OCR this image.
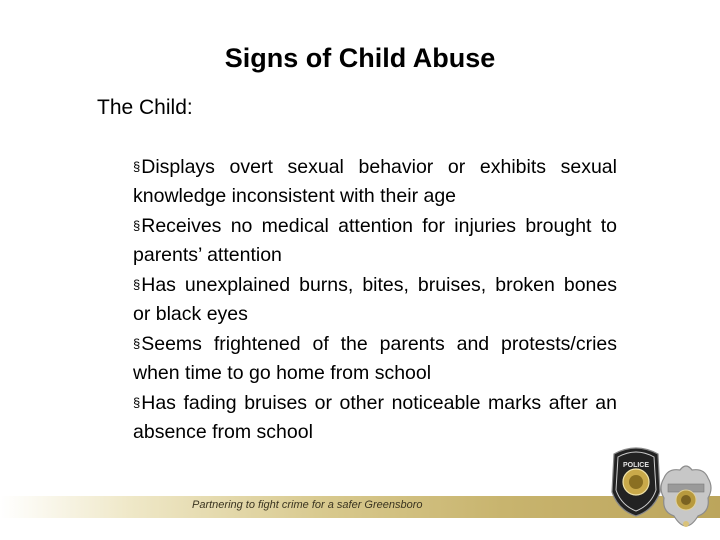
Signs of Child Abuse
The Child:
§Displays overt sexual behavior or exhibits sexual knowledge inconsistent with their age
§Receives no medical attention for injuries brought to parents’ attention
§Has unexplained burns, bites, bruises, broken bones or black eyes
§Seems frightened of the parents and protests/cries when time to go home from school
§Has fading bruises or other noticeable marks after an absence from school
Partnering to fight crime for a safer Greensboro
POLICE
